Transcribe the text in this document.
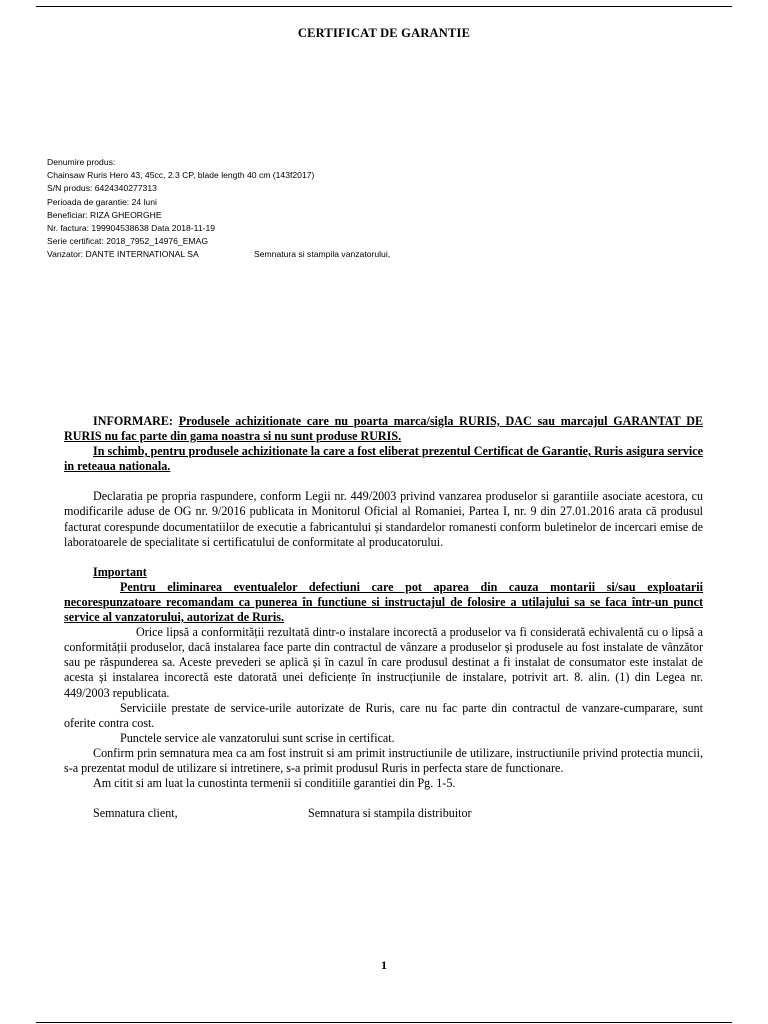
CERTIFICAT DE GARANTIE
Denumire produs:
Chainsaw Ruris Hero 43, 45cc, 2.3 CP, blade length 40 cm (143f2017)
S/N produs: 6424340277313
Perioada de garantie: 24 luni
Beneficiar: RIZA GHEORGHE
Nr. factura: 199904538638 Data 2018-11-19
Serie certificat: 2018_7952_14976_EMAG
Vanzator: DANTE INTERNATIONAL SA	Semnatura si stampila vanzatorului,

INFORMARE: Produsele achizitionate care nu poarta marca/sigla RURIS, DAC sau marcajul GARANTAT DE RURIS nu fac parte din gama noastra si nu sunt produse RURIS.

In schimb, pentru produsele achizitionate la care a fost eliberat prezentul Certificat de Garantie, Ruris asigura service in reteaua nationala.

Declaratia pe propria raspundere, conform Legii nr. 449/2003 privind vanzarea produselor si garantiile asociate acestora, cu modificarile aduse de OG nr. 9/2016 publicata in Monitorul Oficial al Romaniei, Partea I, nr. 9 din 27.01.2016 arata că produsul facturat corespunde documentatiilor de executie a fabricantului și standardelor romanesti conform buletinelor de incercari emise de laboratoarele de specialitate si certificatului de conformitate al producatorului.

Important

Pentru eliminarea eventualelor defectiuni care pot aparea din cauza montarii si/sau exploatarii necorespunzatoare recomandam ca punerea în functiune si instructajul de folosire a utilajului sa se faca într-un punct service al vanzatorului, autorizat de Ruris.

Orice lipsă a conformității rezultată dintr-o instalare incorectă a produselor va fi considerată echivalentă cu o lipsă a conformității produselor, dacă instalarea face parte din contractul de vânzare a produselor și produsele au fost instalate de vânzător sau pe răspunderea sa. Aceste prevederi se aplică și în cazul în care produsul destinat a fi instalat de consumator este instalat de acesta și instalarea incorectă este datorată unei deficiențe în instrucțiunile de instalare, potrivit art. 8. alin. (1) din Legea nr. 449/2003 republicata.

Serviciile prestate de service-urile autorizate de Ruris, care nu fac parte din contractul de vanzare-cumparare, sunt oferite contra cost.

Punctele service ale vanzatorului sunt scrise in certificat.

Confirm prin semnatura mea ca am fost instruit si am primit instructiunile de utilizare, instructiunile privind protectia muncii, s-a prezentat modul de utilizare si intretinere, s-a primit produsul Ruris in perfecta stare de functionare.

Am citit si am luat la cunostinta termenii si conditiile garantiei din Pg. 1-5.

Semnatura client,	Semnatura si stampila distribuitor
1
